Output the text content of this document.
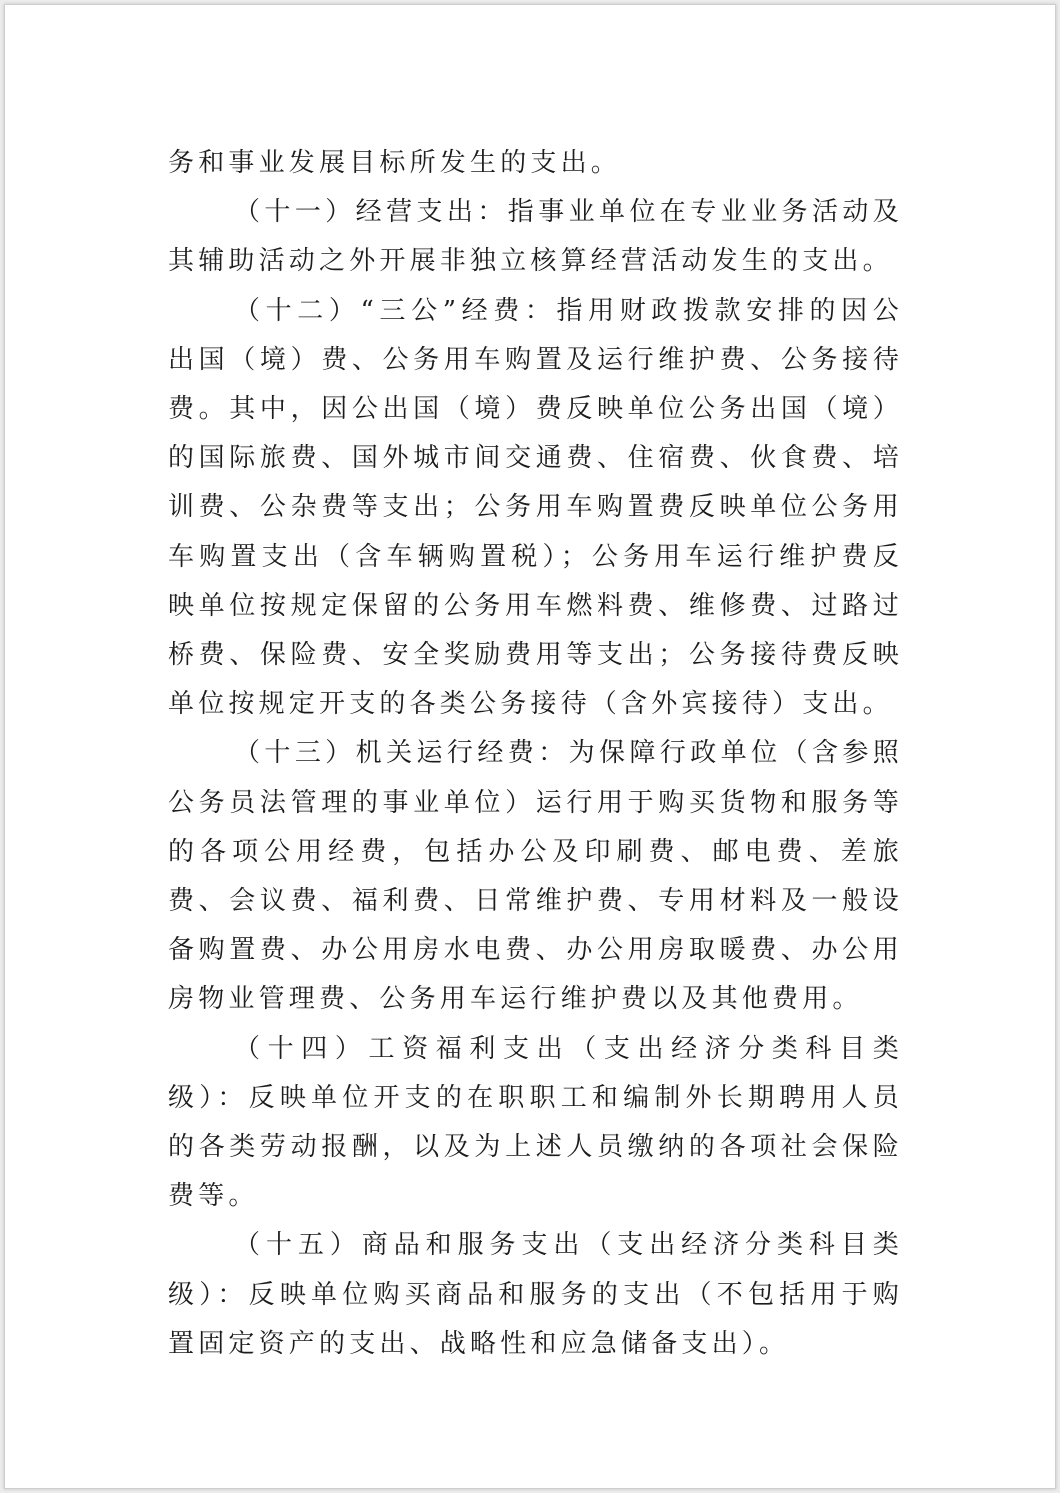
务和事业发展目标所发生的支出。

（十一）经营支出：指事业单位在专业业务活动及其辅助活动之外开展非独立核算经营活动发生的支出。

（十二）“三公”经费：指用财政拨款安排的因公出国（境）费、公务用车购置及运行维护费、公务接待费。其中，因公出国（境）费反映单位公务出国（境）的国际旅费、国外城市间交通费、住宿费、伙食费、培训费、公杂费等支出；公务用车购置费反映单位公务用车购置支出（含车辆购置税）；公务用车运行维护费反映单位按规定保留的公务用车燃料费、维修费、过路过桥费、保险费、安全奖励费用等支出；公务接待费反映单位按规定开支的各类公务接待（含外宾接待）支出。

（十三）机关运行经费：为保障行政单位（含参照公务员法管理的事业单位）运行用于购买货物和服务等的各项公用经费，包括办公及印刷费、邮电费、差旅费、会议费、福利费、日常维护费、专用材料及一般设备购置费、办公用房水电费、办公用房取暖费、办公用房物业管理费、公务用车运行维护费以及其他费用。

（十四）工资福利支出（支出经济分类科目类级）：反映单位开支的在职职工和编制外长期聘用人员的各类劳动报酬，以及为上述人员缴纳的各项社会保险费等。

（十五）商品和服务支出（支出经济分类科目类级）：反映单位购买商品和服务的支出（不包括用于购置固定资产的支出、战略性和应急储备支出）。
